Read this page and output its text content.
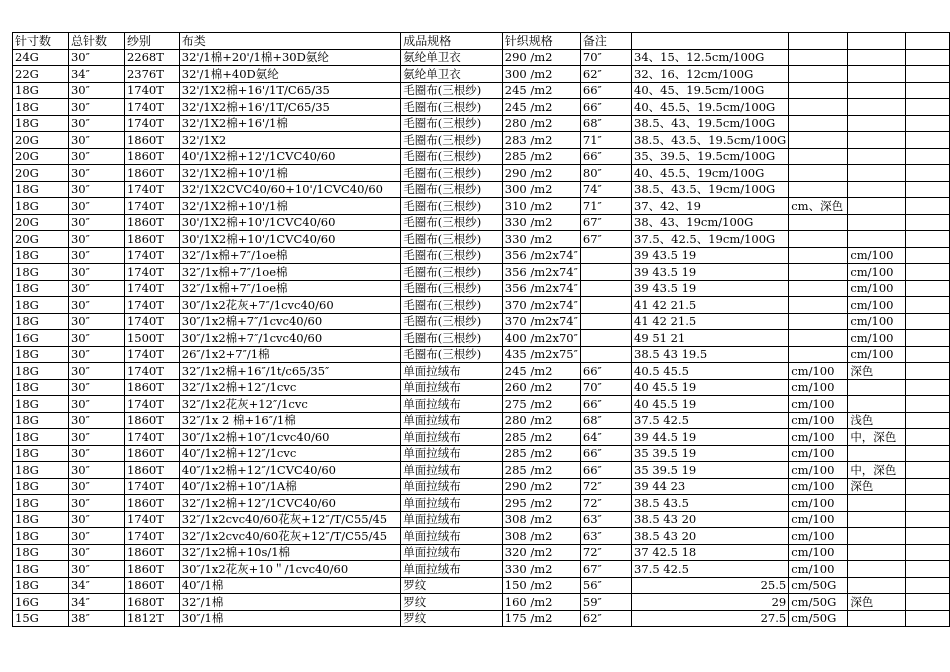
针寸数	总针数	纱别	布类	成品规格	针织规格	备注				
24G	30″	2268T	32'/1棉+20'/1棉+30D氨纶	氨纶单卫衣	290 /m2	70″	34、15、12.5cm/100G			
22G	34″	2376T	32'/1棉+40D氨纶	氨纶单卫衣	300 /m2	62″	32、16、12cm/100G			
18G	30″	1740T	32'/1X2棉+16'/1T/C65/35	毛圈布(三根纱)	245 /m2	66″	40、45、19.5cm/100G			
18G	30″	1740T	32'/1X2棉+16'/1T/C65/35	毛圈布(三根纱)	245 /m2	66″	40、45.5、19.5cm/100G			
18G	30″	1740T	32'/1X2棉+16'/1棉	毛圈布(三根纱)	280 /m2	68″	38.5、43、19.5cm/100G			
20G	30″	1860T	32'/1X2	毛圈布(三根纱)	283 /m2	71″	38.5、43.5、19.5cm/100G			
20G	30″	1860T	40'/1X2棉+12'/1CVC40/60	毛圈布(三根纱)	285 /m2	66″	35、39.5、19.5cm/100G			
20G	30″	1860T	32'/1X2棉+10'/1棉	毛圈布(三根纱)	290 /m2	80″	40、45.5、19cm/100G			
18G	30″	1740T	32'/1X2CVC40/60+10'/1CVC40/60	毛圈布(三根纱)	300 /m2	74″	38.5、43.5、19cm/100G			
18G	30″	1740T	32'/1X2棉+10'/1棉	毛圈布(三根纱)	310 /m2	71″	37、42、19	cm、深色		
20G	30″	1860T	30'/1X2棉+10'/1CVC40/60	毛圈布(三根纱)	330 /m2	67″	38、43、19cm/100G			
20G	30″	1860T	30'/1X2棉+10'/1CVC40/60	毛圈布(三根纱)	330 /m2	67″	37.5、42.5、19cm/100G			
18G	30″	1740T	32″/1x棉+7″/1oe棉	毛圈布(三根纱)	356 /m2x74″		39 43.5 19		cm/100	
18G	30″	1740T	32″/1x棉+7″/1oe棉	毛圈布(三根纱)	356 /m2x74″		39 43.5 19		cm/100	
18G	30″	1740T	32″/1x棉+7″/1oe棉	毛圈布(三根纱)	356 /m2x74″		39 43.5 19		cm/100	
18G	30″	1740T	30″/1x2花灰+7″/1cvc40/60	毛圈布(三根纱)	370 /m2x74″		41 42 21.5		cm/100	
18G	30″	1740T	30″/1x2棉+7″/1cvc40/60	毛圈布(三根纱)	370 /m2x74″		41 42 21.5		cm/100	
16G	30″	1500T	30″/1x2棉+7″/1cvc40/60	毛圈布(三根纱)	400 /m2x70″		49 51 21		cm/100	
18G	30″	1740T	26″/1x2+7″/1棉	毛圈布(三根纱)	435 /m2x75″		38.5 43 19.5		cm/100	
18G	30″	1740T	32″/1x2棉+16″/1t/c65/35″	单面拉绒布	245 /m2	66″	40.5 45.5	cm/100	深色	
18G	30″	1860T	32″/1x2棉+12″/1cvc	单面拉绒布	260 /m2	70″	40 45.5 19	cm/100		
18G	30″	1740T	32″/1x2花灰+12″/1cvc	单面拉绒布	275 /m2	66″	40 45.5 19	cm/100		
18G	30″	1860T	32″/1x 2 棉+16″/1棉	单面拉绒布	280 /m2	68″	37.5 42.5	cm/100	浅色	
18G	30″	1740T	30″/1x2棉+10″/1cvc40/60	单面拉绒布	285 /m2	64″	39 44.5 19	cm/100	中，深色	
18G	30″	1860T	40″/1x2棉+12″/1cvc	单面拉绒布	285 /m2	66″	35 39.5 19	cm/100		
18G	30″	1860T	40″/1x2棉+12″/1CVC40/60	单面拉绒布	285 /m2	66″	35 39.5 19	cm/100	中，深色	
18G	30″	1740T	40″/1x2棉+10″/1A棉	单面拉绒布	290 /m2	72″	39 44 23	cm/100	深色	
18G	30″	1860T	32″/1x2棉+12″/1CVC40/60	单面拉绒布	295 /m2	72″	38.5 43.5	cm/100		
18G	30″	1740T	32″/1x2cvc40/60花灰+12″/T/C55/45	单面拉绒布	308 /m2	63″	38.5 43 20	cm/100		
18G	30″	1740T	32″/1x2cvc40/60花灰+12″/T/C55/45	单面拉绒布	308 /m2	63″	38.5 43 20	cm/100		
18G	30″	1860T	32″/1x2棉+10s/1棉	单面拉绒布	320 /m2	72″	37 42.5 18	cm/100		
18G	30″	1860T	30″/1x2花灰+10＂/1cvc40/60	单面拉绒布	330 /m2	67″	37.5 42.5	cm/100		
18G	34″	1860T	40″/1棉	罗纹	150 /m2	56″	25.5	cm/50G		
16G	34″	1680T	32″/1棉	罗纹	160 /m2	59″	29	cm/50G	深色	
15G	38″	1812T	30″/1棉	罗纹	175 /m2	62″	27.5	cm/50G		
